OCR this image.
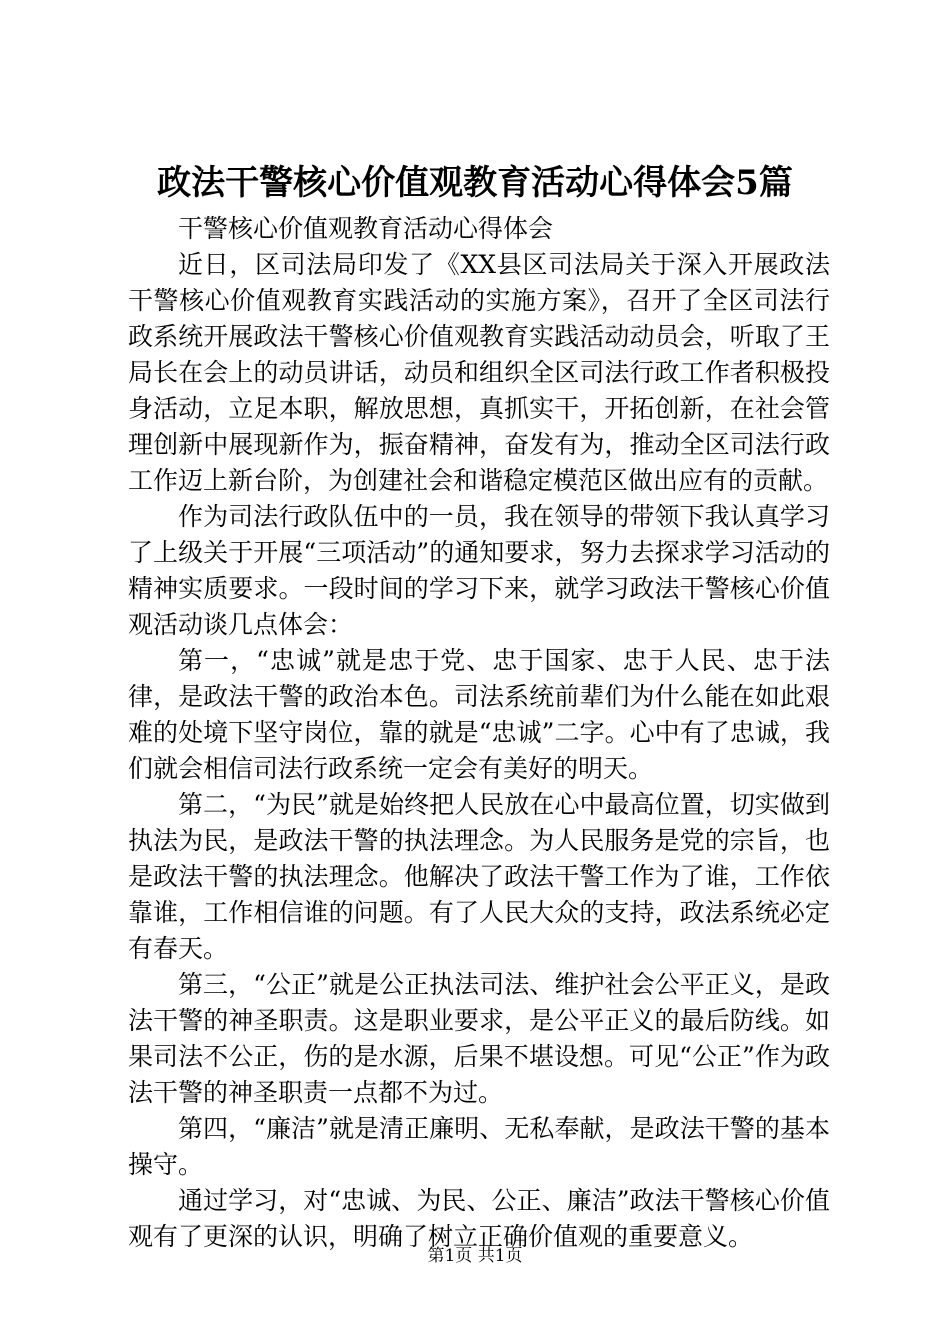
政法干警核心价值观教育活动心得体会5篇

干警核心价值观教育活动心得体会

近日，区司法局印发了《XX县区司法局关于深入开展政法干警核心价值观教育实践活动的实施方案》，召开了全区司法行政系统开展政法干警核心价值观教育实践活动动员会，听取了王局长在会上的动员讲话，动员和组织全区司法行政工作者积极投身活动，立足本职，解放思想，真抓实干，开拓创新，在社会管理创新中展现新作为，振奋精神，奋发有为，推动全区司法行政工作迈上新台阶，为创建社会和谐稳定模范区做出应有的贡献。

作为司法行政队伍中的一员，我在领导的带领下我认真学习了上级关于开展“三项活动”的通知要求，努力去探求学习活动的精神实质要求。一段时间的学习下来，就学习政法干警核心价值观活动谈几点体会：

第一，“忠诚”就是忠于党、忠于国家、忠于人民、忠于法律，是政法干警的政治本色。司法系统前辈们为什么能在如此艰难的处境下坚守岗位，靠的就是“忠诚”二字。心中有了忠诚，我们就会相信司法行政系统一定会有美好的明天。

第二，“为民”就是始终把人民放在心中最高位置，切实做到执法为民，是政法干警的执法理念。为人民服务是党的宗旨，也是政法干警的执法理念。他解决了政法干警工作为了谁，工作依靠谁，工作相信谁的问题。有了人民大众的支持，政法系统必定有春天。

第三，“公正”就是公正执法司法、维护社会公平正义，是政法干警的神圣职责。这是职业要求，是公平正义的最后防线。如果司法不公正，伤的是水源，后果不堪设想。可见“公正”作为政法干警的神圣职责一点都不为过。

第四，“廉洁”就是清正廉明、无私奉献，是政法干警的基本操守。

通过学习，对“忠诚、为民、公正、廉洁”政法干警核心价值观有了更深的认识，明确了树立正确价值观的重要意义。

第1页 共1页
